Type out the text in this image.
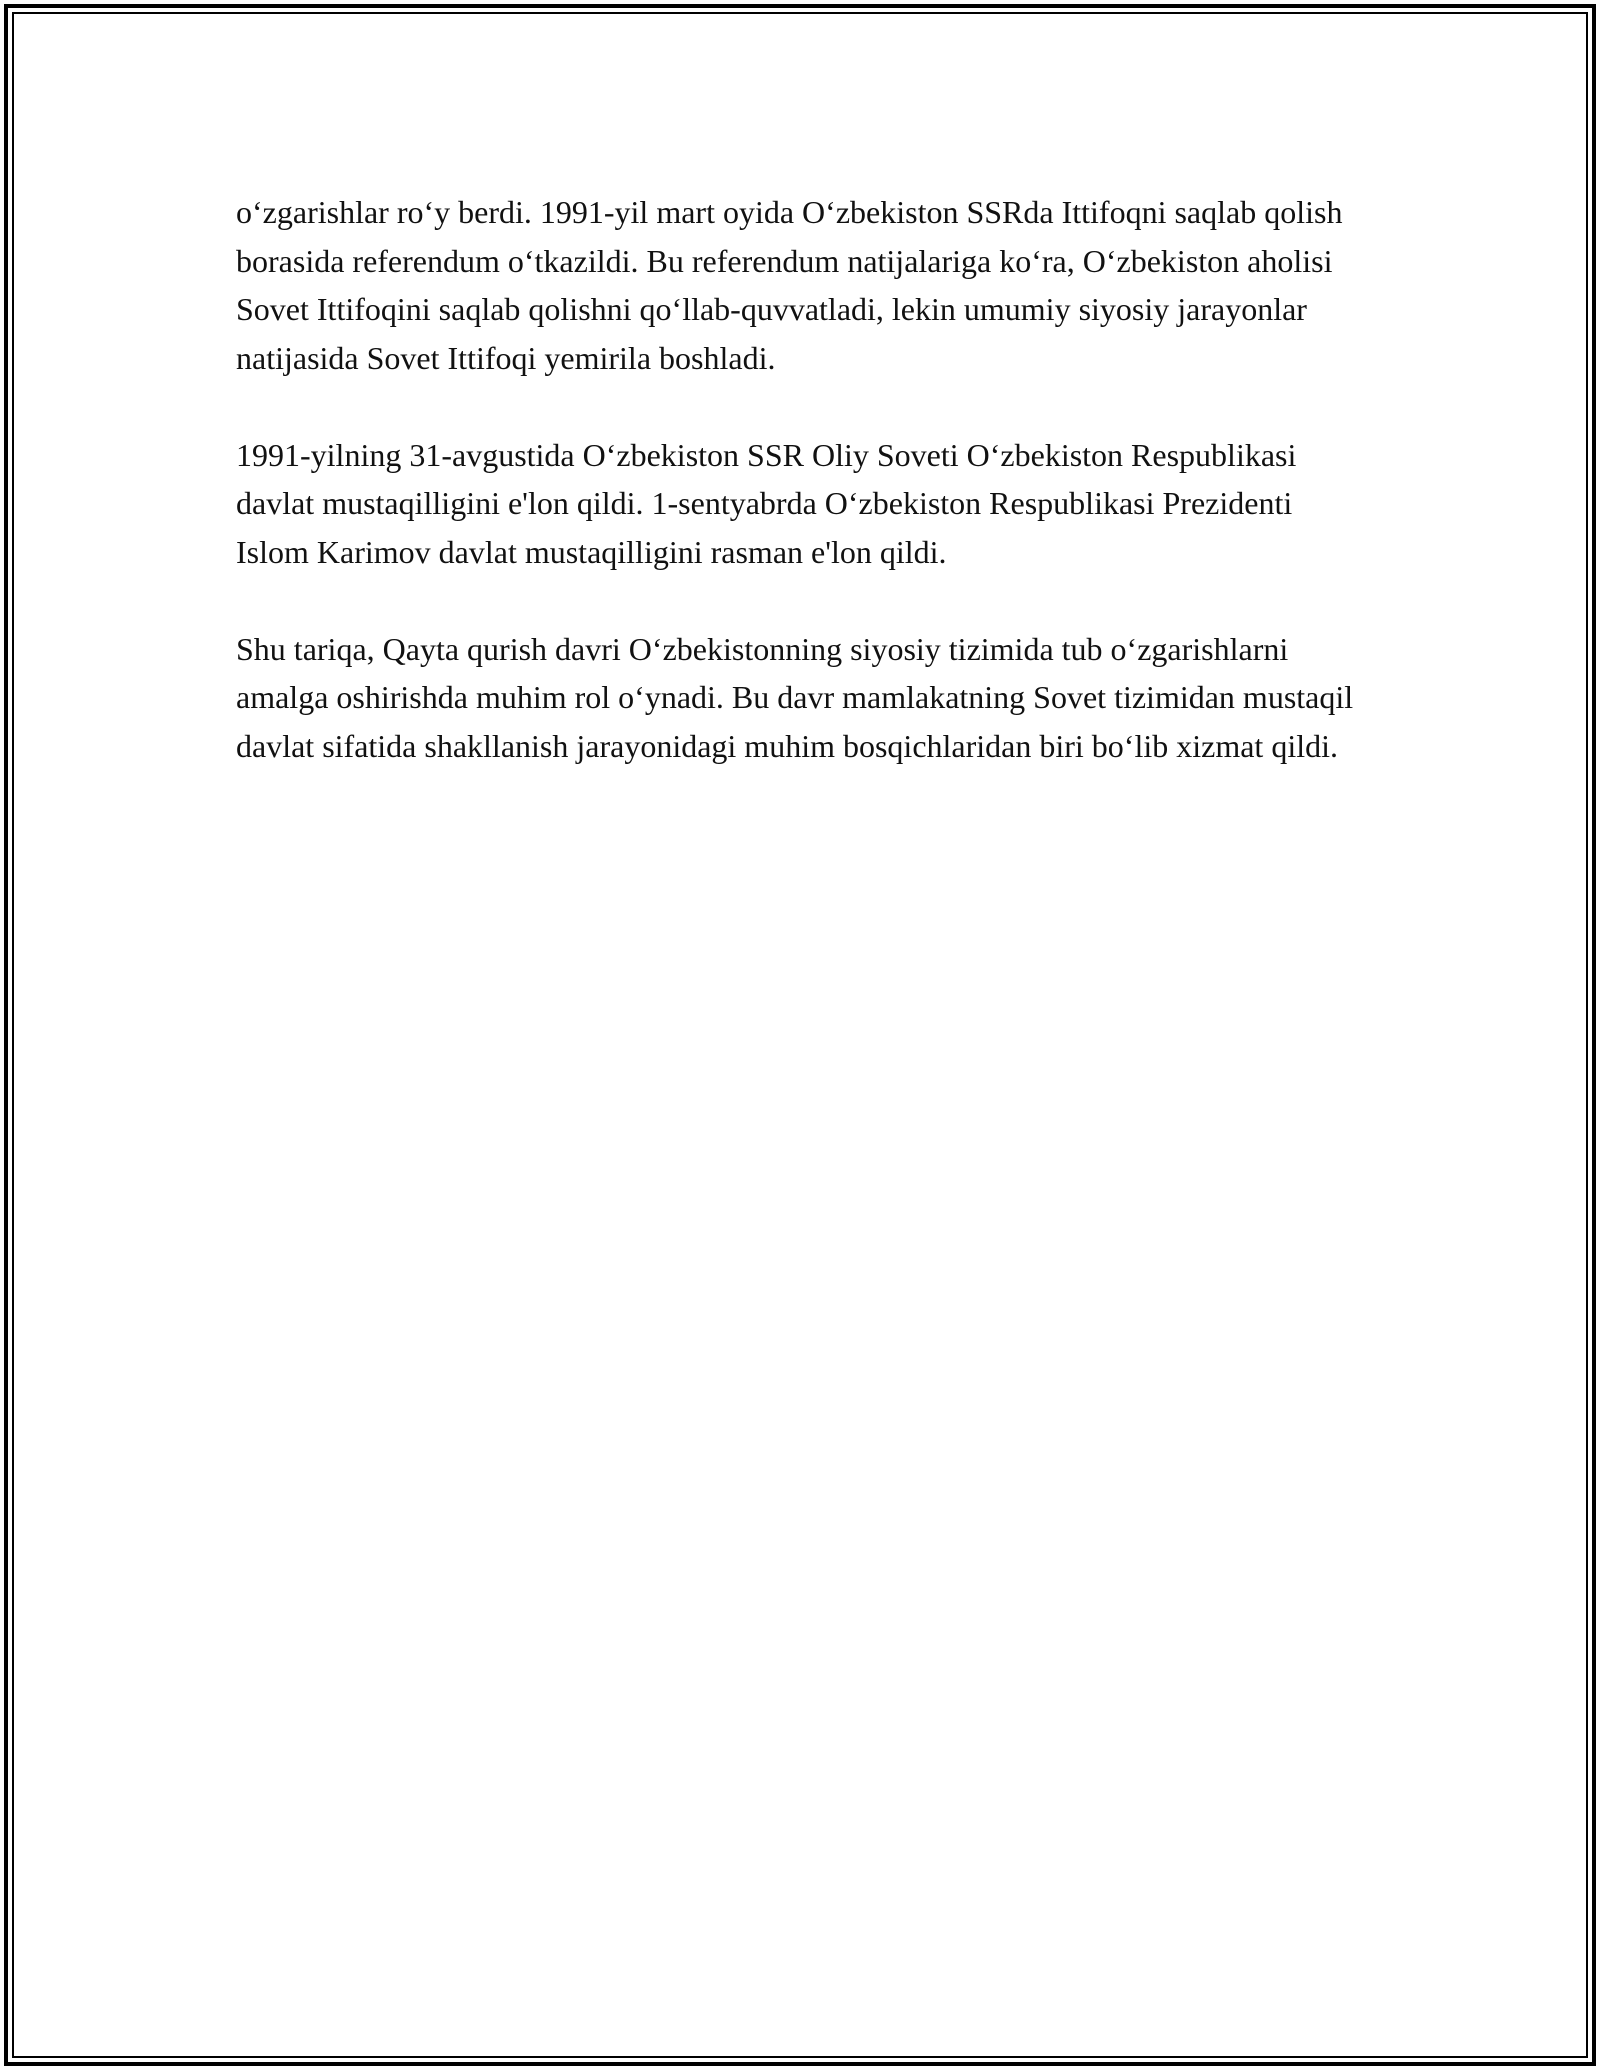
o‘zgarishlar ro‘y berdi. 1991-yil mart oyida O‘zbekiston SSRda Ittifoqni saqlab qolish borasida referendum o‘tkazildi. Bu referendum natijalariga ko‘ra, O‘zbekiston aholisi Sovet Ittifoqini saqlab qolishni qo‘llab-quvvatladi, lekin umumiy siyosiy jarayonlar natijasida Sovet Ittifoqi yemirila boshladi.

1991-yilning 31-avgustida O‘zbekiston SSR Oliy Soveti O‘zbekiston Respublikasi davlat mustaqilligini e'lon qildi. 1-sentyabrda O‘zbekiston Respublikasi Prezidenti Islom Karimov davlat mustaqilligini rasman e'lon qildi.

Shu tariqa, Qayta qurish davri O‘zbekistonning siyosiy tizimida tub o‘zgarishlarni amalga oshirishda muhim rol o‘ynadi. Bu davr mamlakatning Sovet tizimidan mustaqil davlat sifatida shakllanish jarayonidagi muhim bosqichlaridan biri bo‘lib xizmat qildi.
